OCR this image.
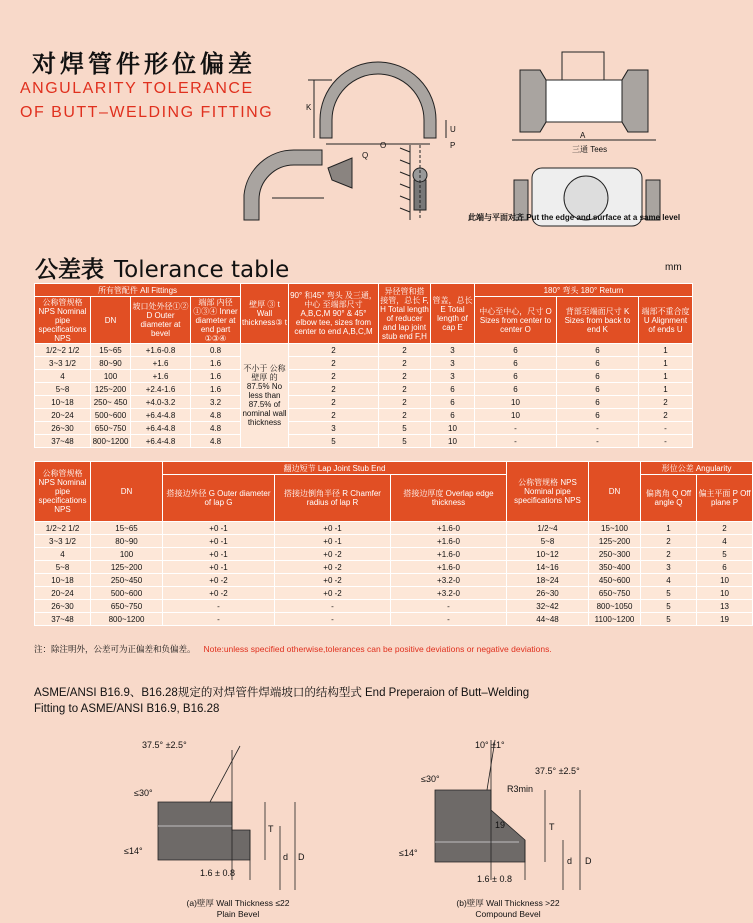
对焊管件形位偏差
ANGULARITY TOLERANCE
OF BUTT–WELDING FITTING	K
O
Q
U
P
A
三通 Tees
此端与平面对齐 Put the edge and surface at a same level
公差表 Tolerance table	mm
所有管配件 All Fittings				壁厚 ③ t Wall thickness③ t	90° 和45° 弯头 及三通，中心 至端部尺寸 A,B,C,M 90° & 45° elbow tee, sizes from center to end A,B,C,M	异径管和搭 接管，总长 F, H Total length of reducer and lap joint stub end F,H	管盖，总长 E Total length of cap E	180° 弯头 180° Return		
公称管规格 NPS Nominal pipe specifications NPS	DN	坡口处外径①② D Outer diameter at bevel	端部 内径 ①③④ Inner diameter at end part ①③④					中心至中心，尺寸 O Sizes from center to center O	背部至端面尺寸 K Sizes from back to end K	端部不重合度 U Alignment of ends U
1/2~2 1/2	15~65	+1.6-0.8	0.8	不小于 公称壁厚 的87.5% No less than 87.5% of nominal wall thickness	2	2	3	6	6	1
3~3 1/2	80~90	+1.6	1.6		2	2	3	6	6	1
4	100	+1.6	1.6		2	2	3	6	6	1
5~8	125~200	+2.4-1.6	1.6		2	2	6	6	6	1
10~18	250~ 450	+4.0-3.2	3.2		2	2	6	10	6	2
20~24	500~600	+6.4-4.8	4.8		2	2	6	10	6	2
26~30	650~750	+6.4-4.8	4.8		3	5	10	-	-	-
37~48	800~1200	+6.4-4.8	4.8		5	5	10	-	-	-
公称管规格 NPS Nominal pipe specifications NPS	DN	翻边短节 Lap Joint Stub End			公称管规格 NPS Nominal pipe specifications NPS	DN	形位公差 Angularity	
		搭接边外径 G Outer diameter of lap G	搭接边倒角半径 R Chamfer radius of lap R	搭接边厚度 Overlap edge thickness			偏离角 Q Off angle Q	偏主平面 P Off plane P
1/2~2 1/2	15~65	+0 -1	+0 -1	+1.6-0	1/2~4	15~100	1	2
3~3 1/2	80~90	+0 -1	+0 -1	+1.6-0	5~8	125~200	2	4
4	100	+0 -1	+0 -2	+1.6-0	10~12	250~300	2	5
5~8	125~200	+0 -1	+0 -2	+1.6-0	14~16	350~400	3	6
10~18	250~450	+0 -2	+0 -2	+3.2-0	18~24	450~600	4	10
20~24	500~600	+0 -2	+0 -2	+3.2-0	26~30	650~750	5	10
26~30	650~750	-	-	-	32~42	800~1050	5	13
37~48	800~1200	-	-	-	44~48	1100~1200	5	19
注：除注明外，公差可为正偏差和负偏差。 Note:unless specified otherwise,tolerances can be positive deviations or negative deviations.
ASME/ANSI B16.9、B16.28规定的对焊管件焊端坡口的结构型式 End Preperaion of Butt–Welding
Fitting to ASME/ANSI B16.9, B16.28
37.5° ±2.5°
≤30°
≤14°
1.6 ± 0.8
T
d D
(a)壁厚 Wall Thickness ≤22
Plain Bevel
10° ±1°
37.5° ±2.5°
≤30°
R3min
19
≤14°
1.6 ± 0.8
T
d D
(b)壁厚 Wall Thickness >22
Compound Bevel
